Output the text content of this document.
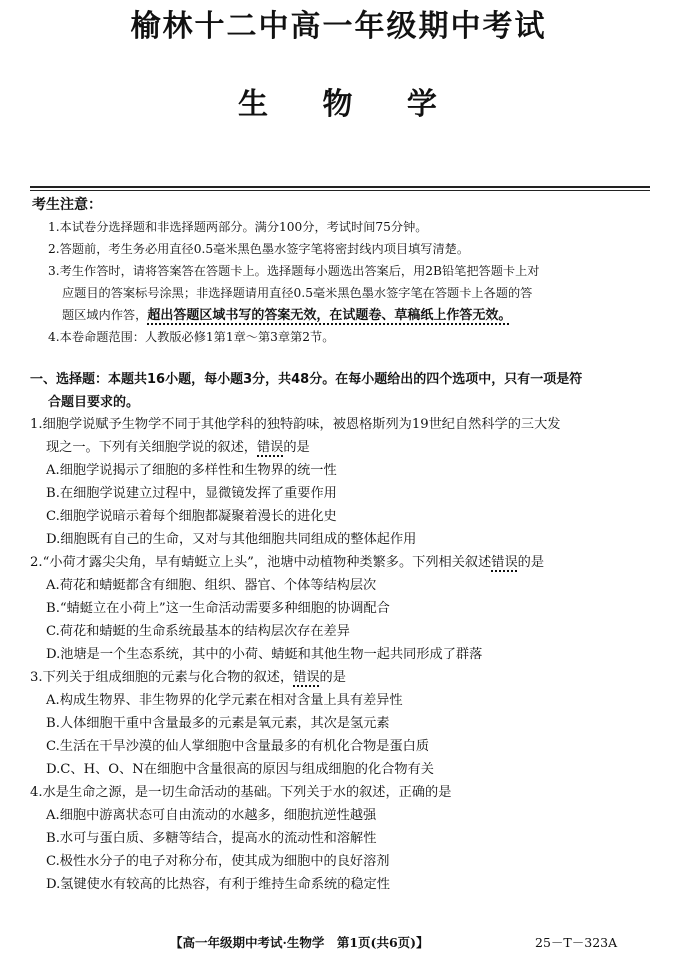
榆林十二中高一年级期中考试
生 物 学
考生注意：
1.本试卷分选择题和非选择题两部分。满分100分，考试时间75分钟。
2.答题前，考生务必用直径0.5毫米黑色墨水签字笔将密封线内项目填写清楚。
3.考生作答时，请将答案答在答题卡上。选择题每小题选出答案后，用2B铅笔把答题卡上对
应题目的答案标号涂黑；非选择题请用直径0.5毫米黑色墨水签字笔在答题卡上各题的答
题区域内作答，超出答题区域书写的答案无效，在试题卷、草稿纸上作答无效。
4.本卷命题范围：人教版必修1第1章～第3章第2节。
一、选择题：本题共16小题，每小题3分，共48分。在每小题给出的四个选项中，只有一项是符
合题目要求的。
1.细胞学说赋予生物学不同于其他学科的独特韵味，被恩格斯列为19世纪自然科学的三大发
现之一。下列有关细胞学说的叙述，错误的是
A.细胞学说揭示了细胞的多样性和生物界的统一性
B.在细胞学说建立过程中，显微镜发挥了重要作用
C.细胞学说暗示着每个细胞都凝聚着漫长的进化史
D.细胞既有自己的生命，又对与其他细胞共同组成的整体起作用
2.“小荷才露尖尖角，早有蜻蜓立上头”，池塘中动植物种类繁多。下列相关叙述错误的是
A.荷花和蜻蜓都含有细胞、组织、器官、个体等结构层次
B.“蜻蜓立在小荷上”这一生命活动需要多种细胞的协调配合
C.荷花和蜻蜓的生命系统最基本的结构层次存在差异
D.池塘是一个生态系统，其中的小荷、蜻蜓和其他生物一起共同形成了群落
3.下列关于组成细胞的元素与化合物的叙述，错误的是
A.构成生物界、非生物界的化学元素在相对含量上具有差异性
B.人体细胞干重中含量最多的元素是氧元素，其次是氢元素
C.生活在干旱沙漠的仙人掌细胞中含量最多的有机化合物是蛋白质
D.C、H、O、N在细胞中含量很高的原因与组成细胞的化合物有关
4.水是生命之源，是一切生命活动的基础。下列关于水的叙述，正确的是
A.细胞中游离状态可自由流动的水越多，细胞抗逆性越强
B.水可与蛋白质、多糖等结合，提高水的流动性和溶解性
C.极性水分子的电子对称分布，使其成为细胞中的良好溶剂
D.氢键使水有较高的比热容，有利于维持生命系统的稳定性
【高一年级期中考试·生物学　第1页(共6页)】	25－T－323A
